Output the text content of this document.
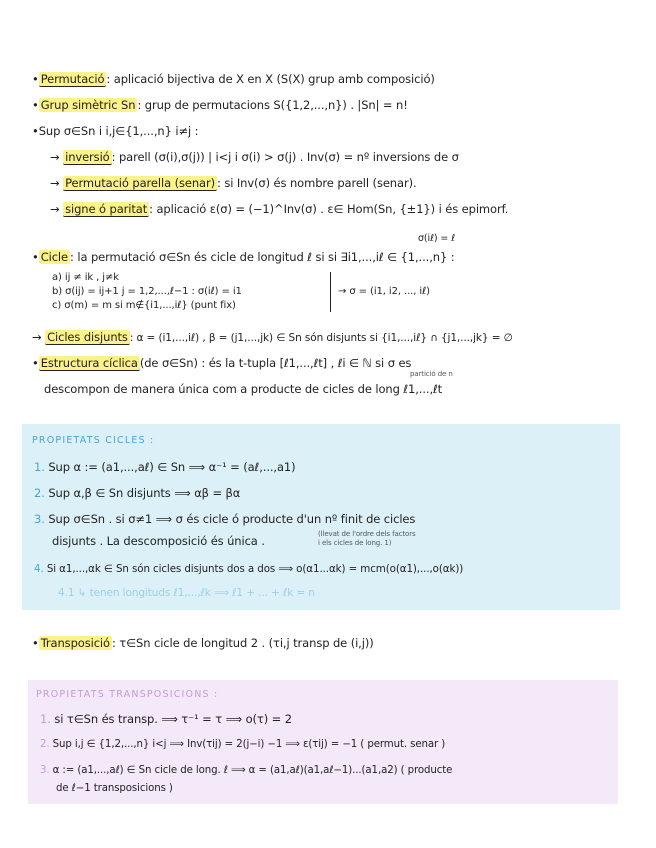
• Permutació : aplicació bijectiva de X en X (S(X) grup amb composició)
• Grup simètric Sn : grup de permutacions S({1,2,...,n}) . |Sn| = n!
•Sup σ∈Sn i i,j∈{1,...,n} i≠j :
→ inversió : parell (σ(i),σ(j)) | i<j i σ(i) > σ(j) . Inv(σ) = nº inversions de σ
→ Permutació parella (senar) : si Inv(σ) és nombre parell (senar).
→ signe ó paritat : aplicació ε(σ) = (−1)^Inv(σ) . ε∈ Hom(Sn, {±1}) i és epimorf.
σ(iℓ) = ℓ
• Cicle : la permutació σ∈Sn és cicle de longitud ℓ si si ∃i1,...,iℓ ∈ {1,...,n} :
a) ij ≠ ik , j≠k
b) σ(ij) = ij+1 j = 1,2,...,ℓ−1 : σ(iℓ) = i1
c) σ(m) = m si m∉{i1,...,iℓ} (punt fix)
→ σ = (i1, i2, ..., iℓ)
→ Cicles disjunts : α = (i1,...,iℓ) , β = (j1,...,jk) ∈ Sn són disjunts si {i1,...,iℓ} ∩ {j1,...,jk} = ∅
• Estructura cíclica (de σ∈Sn) : és la t-tupla [ℓ1,...,ℓt] , ℓi ∈ ℕ si σ es
partició de n
descompon de manera única com a producte de cicles de long ℓ1,...,ℓt
PROPIETATS CICLES :
1. Sup α := (a1,...,aℓ) ∈ Sn ⟹ α⁻¹ = (aℓ,...,a1)
2. Sup α,β ∈ Sn disjunts ⟹ αβ = βα
3. Sup σ∈Sn . si σ≠1 ⟹ σ és cicle ó producte d'un nº finit de cicles
disjunts . La descomposició és única .	(llevat de l'ordre dels factors
i els cicles de long. 1)
4. Si α1,...,αk ∈ Sn són cicles disjunts dos a dos ⟹ o(α1...αk) = mcm(o(α1),...,o(αk))
4.1 ↳ tenen longituds ℓ1,...,ℓk ⟹ ℓ1 + ... + ℓk = n
• Transposició : τ∈Sn cicle de longitud 2 . (τi,j transp de (i,j))
PROPIETATS TRANSPOSICIONS :
1. si τ∈Sn és transp. ⟹ τ⁻¹ = τ ⟹ o(τ) = 2
2. Sup i,j ∈ {1,2,...,n} i<j ⟹ Inv(τij) = 2(j−i) −1 ⟹ ε(τij) = −1 ( permut. senar )
3. α := (a1,...,aℓ) ∈ Sn cicle de long. ℓ ⟹ α = (a1,aℓ)(a1,aℓ−1)...(a1,a2) ( producte
de ℓ−1 transposicions )
